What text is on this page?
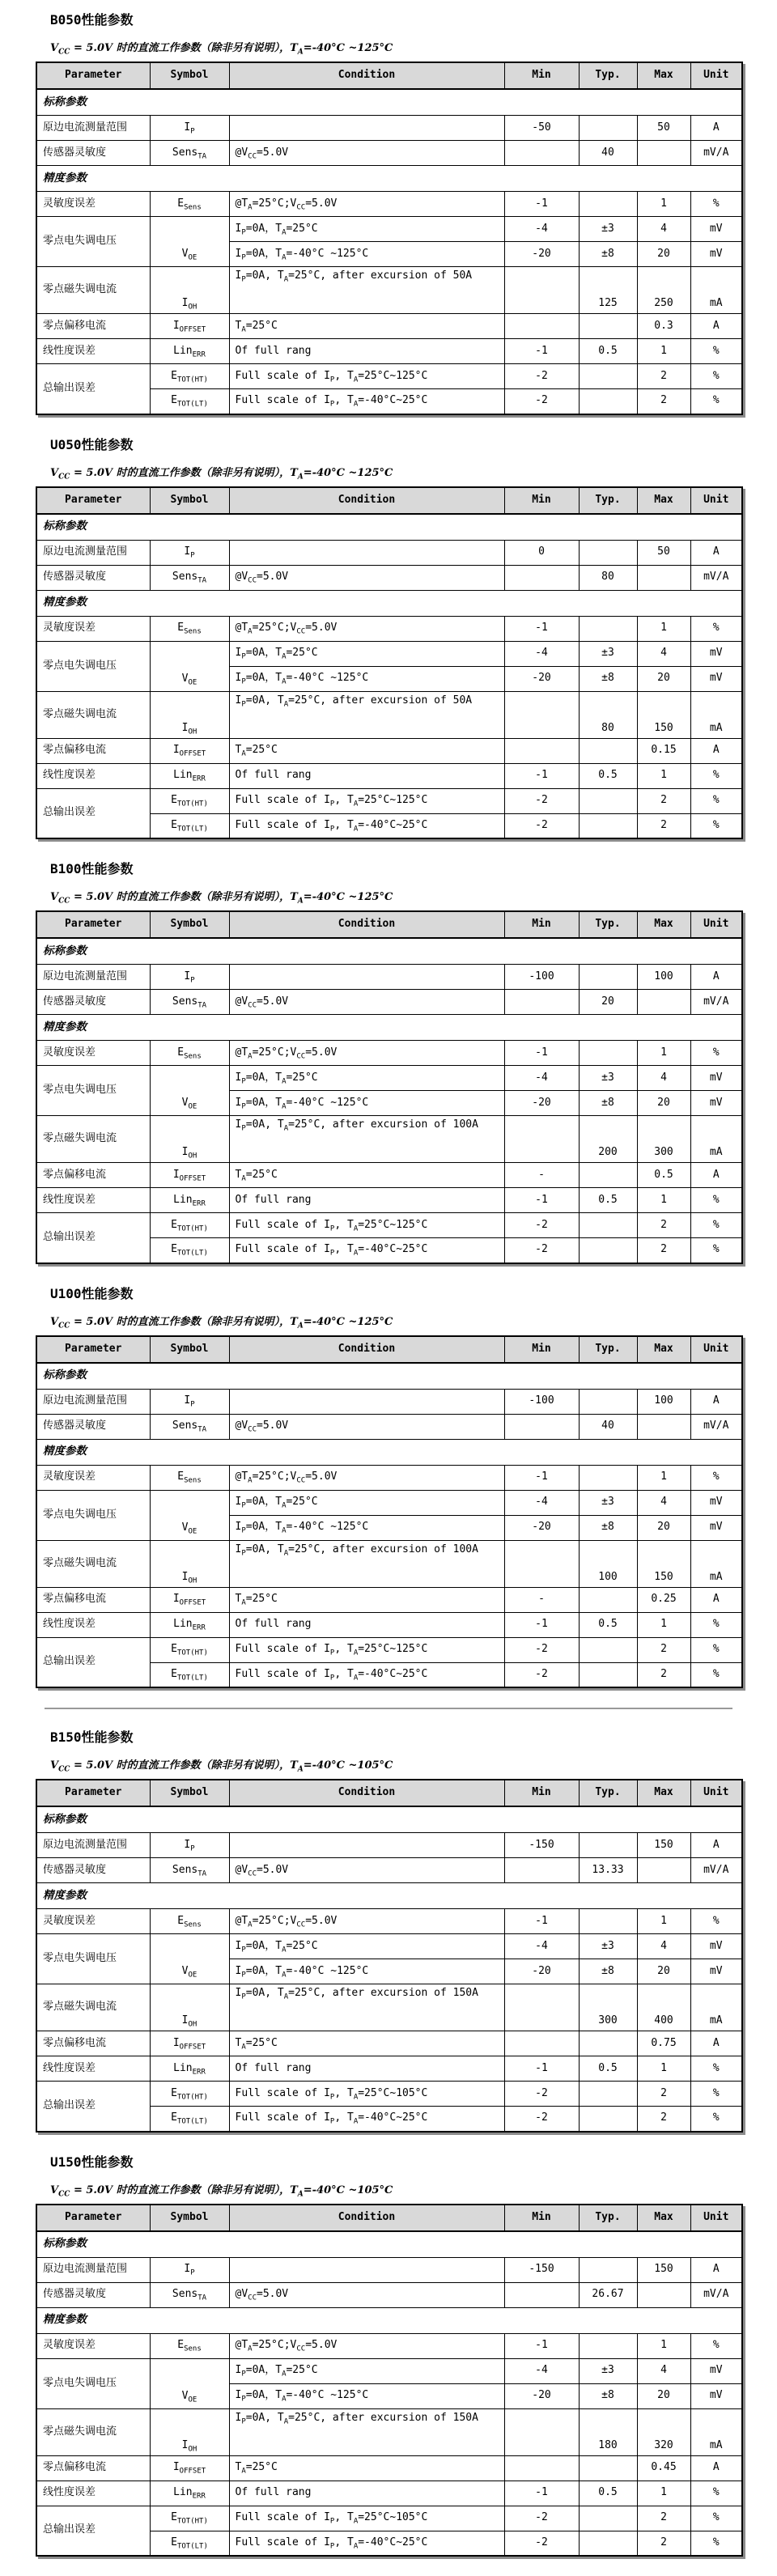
B050性能参数

$V_{CC} = 5.0V$ 时的直流工作参数（除非另有说明），$T_A=-40^\circ C$ ~125°C

Parameter	Symbol	Condition	Min	Typ.	Max	Unit
标称参数						
原边电流测量范围	$I_P$		-50		50	A
传感器灵敏度	Sens$_{TA}$	$@V_{CC}=5.0V$		40		mV/A
精度参数						
灵敏度误差	$E_{Sens}$	$@T_A=25^\circ C;V_{CC}=5.0V$	-1		1	%
零点电失调电压	$V_{OE}$	$I_P=0A$，$T_A=25^\circ C$	-4	±3	4	mV
		$I_P=0A$，$T_A=-40^\circ C$ ~125°C	-20	±8	20	mV
零点磁失调电流	$I_{OH}$	$I_P=0A$, $T_A=25^\circ C$, after excursion of 50A		125	250	mA
零点偏移电流	$I_{OFFSET}$	$T_A=25^\circ C$			0.3	A
线性度误差	Lin$_{ERR}$	Of full rang	-1	0.5	1	%
总输出误差	$E_{TOT(HT)}$	Full scale of $I_P$, $T_A=25^\circ C\sim 125^\circ C$	-2		2	%
	$E_{TOT(LT)}$	Full scale of $I_P$, $T_A=-40^\circ C\sim 25^\circ C$	-2		2	%
U050性能参数

$V_{CC} = 5.0V$ 时的直流工作参数（除非另有说明），$T_A=-40^\circ C$ ~125°C

Parameter	Symbol	Condition	Min	Typ.	Max	Unit
标称参数						
原边电流测量范围	$I_P$		0		50	A
传感器灵敏度	Sens$_{TA}$	$@V_{CC}=5.0V$		80		mV/A
精度参数						
灵敏度误差	$E_{Sens}$	$@T_A=25^\circ C;V_{CC}=5.0V$	-1		1	%
零点电失调电压	$V_{OE}$	$I_P=0A$，$T_A=25^\circ C$	-4	±3	4	mV
		$I_P=0A$，$T_A=-40^\circ C$ ~125°C	-20	±8	20	mV
零点磁失调电流	$I_{OH}$	$I_P=0A$, $T_A=25^\circ C$, after excursion of 50A		80	150	mA
零点偏移电流	$I_{OFFSET}$	$T_A=25^\circ C$			0.15	A
线性度误差	Lin$_{ERR}$	Of full rang	-1	0.5	1	%
总输出误差	$E_{TOT(HT)}$	Full scale of $I_P$, $T_A=25^\circ C\sim 125^\circ C$	-2		2	%
	$E_{TOT(LT)}$	Full scale of $I_P$, $T_A=-40^\circ C\sim 25^\circ C$	-2		2	%
B100性能参数

$V_{CC} = 5.0V$ 时的直流工作参数（除非另有说明），$T_A=-40^\circ C$ ~125°C

Parameter	Symbol	Condition	Min	Typ.	Max	Unit
标称参数						
原边电流测量范围	$I_P$		-100		100	A
传感器灵敏度	Sens$_{TA}$	$@V_{CC}=5.0V$		20		mV/A
精度参数						
灵敏度误差	$E_{Sens}$	$@T_A=25^\circ C;V_{CC}=5.0V$	-1		1	%
零点电失调电压	$V_{OE}$	$I_P=0A$，$T_A=25^\circ C$	-4	±3	4	mV
		$I_P=0A$，$T_A=-40^\circ C$ ~125°C	-20	±8	20	mV
零点磁失调电流	$I_{OH}$	$I_P=0A$, $T_A=25^\circ C$, after excursion of 100A		200	300	mA
零点偏移电流	$I_{OFFSET}$	$T_A=25^\circ C$	-		0.5	A
线性度误差	Lin$_{ERR}$	Of full rang	-1	0.5	1	%
总输出误差	$E_{TOT(HT)}$	Full scale of $I_P$, $T_A=25^\circ C\sim 125^\circ C$	-2		2	%
	$E_{TOT(LT)}$	Full scale of $I_P$, $T_A=-40^\circ C\sim 25^\circ C$	-2		2	%
U100性能参数

$V_{CC} = 5.0V$ 时的直流工作参数（除非另有说明），$T_A=-40^\circ C$ ~125°C

Parameter	Symbol	Condition	Min	Typ.	Max	Unit
标称参数						
原边电流测量范围	$I_P$		-100		100	A
传感器灵敏度	Sens$_{TA}$	$@V_{CC}=5.0V$		40		mV/A
精度参数						
灵敏度误差	$E_{Sens}$	$@T_A=25^\circ C;V_{CC}=5.0V$	-1		1	%
零点电失调电压	$V_{OE}$	$I_P=0A$，$T_A=25^\circ C$	-4	±3	4	mV
		$I_P=0A$，$T_A=-40^\circ C$ ~125°C	-20	±8	20	mV
零点磁失调电流	$I_{OH}$	$I_P=0A$, $T_A=25^\circ C$, after excursion of 100A		100	150	mA
零点偏移电流	$I_{OFFSET}$	$T_A=25^\circ C$	-		0.25	A
线性度误差	Lin$_{ERR}$	Of full rang	-1	0.5	1	%
总输出误差	$E_{TOT(HT)}$	Full scale of $I_P$, $T_A=25^\circ C\sim 125^\circ C$	-2		2	%
	$E_{TOT(LT)}$	Full scale of $I_P$, $T_A=-40^\circ C\sim 25^\circ C$	-2		2	%
B150性能参数

$V_{CC} = 5.0V$ 时的直流工作参数（除非另有说明），$T_A=-40^\circ C$ ~105°C

Parameter	Symbol	Condition	Min	Typ.	Max	Unit
标称参数						
原边电流测量范围	$I_P$		-150		150	A
传感器灵敏度	Sens$_{TA}$	$@V_{CC}=5.0V$		13.33		mV/A
精度参数						
灵敏度误差	$E_{Sens}$	$@T_A=25^\circ C;V_{CC}=5.0V$	-1		1	%
零点电失调电压	$V_{OE}$	$I_P=0A$，$T_A=25^\circ C$	-4	±3	4	mV
		$I_P=0A$，$T_A=-40^\circ C$ ~125°C	-20	±8	20	mV
零点磁失调电流	$I_{OH}$	$I_P=0A$, $T_A=25^\circ C$, after excursion of 150A		300	400	mA
零点偏移电流	$I_{OFFSET}$	$T_A=25^\circ C$			0.75	A
线性度误差	Lin$_{ERR}$	Of full rang	-1	0.5	1	%
总输出误差	$E_{TOT(HT)}$	Full scale of $I_P$, $T_A=25^\circ C\sim 105^\circ C$	-2		2	%
	$E_{TOT(LT)}$	Full scale of $I_P$, $T_A=-40^\circ C\sim 25^\circ C$	-2		2	%
U150性能参数

$V_{CC} = 5.0V$ 时的直流工作参数（除非另有说明），$T_A=-40^\circ C$ ~105°C

Parameter	Symbol	Condition	Min	Typ.	Max	Unit
标称参数						
原边电流测量范围	$I_P$		-150		150	A
传感器灵敏度	Sens$_{TA}$	$@V_{CC}=5.0V$		26.67		mV/A
精度参数						
灵敏度误差	$E_{Sens}$	$@T_A=25^\circ C;V_{CC}=5.0V$	-1		1	%
零点电失调电压	$V_{OE}$	$I_P=0A$，$T_A=25^\circ C$	-4	±3	4	mV
		$I_P=0A$，$T_A=-40^\circ C$ ~125°C	-20	±8	20	mV
零点磁失调电流	$I_{OH}$	$I_P=0A$, $T_A=25^\circ C$, after excursion of 150A		180	320	mA
零点偏移电流	$I_{OFFSET}$	$T_A=25^\circ C$			0.45	A
线性度误差	Lin$_{ERR}$	Of full rang	-1	0.5	1	%
总输出误差	$E_{TOT(HT)}$	Full scale of $I_P$, $T_A=25^\circ C\sim 105^\circ C$	-2		2	%
	$E_{TOT(LT)}$	Full scale of $I_P$, $T_A=-40^\circ C\sim 25^\circ C$	-2		2	%
